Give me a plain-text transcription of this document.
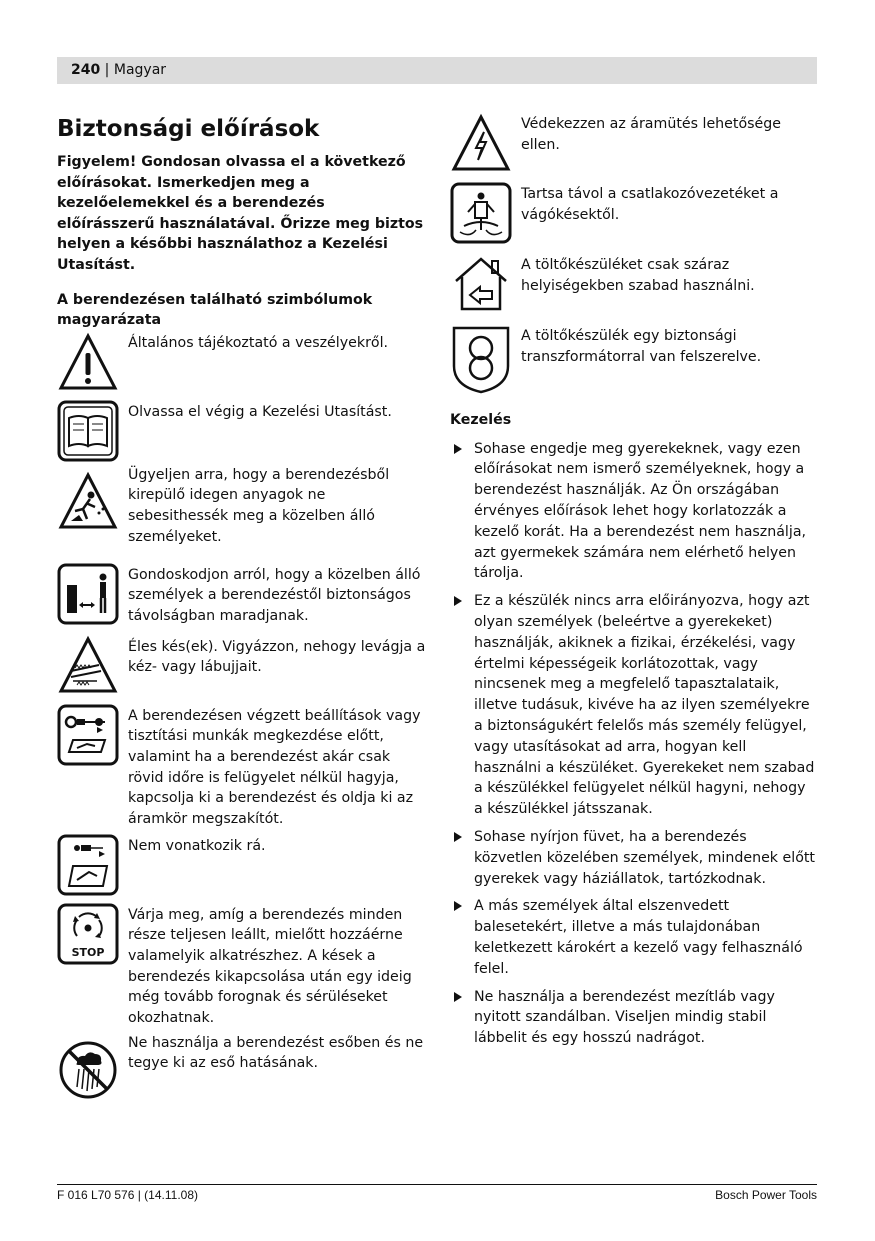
240 | Magyar
Biztonsági előírások
Figyelem! Gondosan olvassa el a következő előírásokat. Ismerkedjen meg a kezelőelemekkel és a berendezés előírásszerű használatával. Őrizze meg biztos helyen a későbbi használathoz a Kezelési Utasítást.
A berendezésen található szimbólumok magyarázata
Általános tájékoztató a veszélyekről.
Olvassa el végig a Kezelési Utasítást.
Ügyeljen arra, hogy a berendezésből kirepülő idegen anyagok ne sebesithessék meg a közelben álló személyeket.
Gondoskodjon arról, hogy a közelben álló személyek a berendezéstől biztonságos távolságban maradjanak.
Éles kés(ek). Vigyázzon, nehogy levágja a kéz- vagy lábujjait.
A berendezésen végzett beállítások vagy tisztítási munkák megkezdése előtt, valamint ha a berendezést akár csak rövid időre is felügyelet nélkül hagyja, kapcsolja ki a berendezést és oldja ki az áramkör megszakítót.
Nem vonatkozik rá.
STOP
Várja meg, amíg a berendezés minden része teljesen leállt, mielőtt hozzáérne valamelyik alkatrészhez. A kések a berendezés kikapcsolása után egy ideig még tovább forognak és sérüléseket okozhatnak.
Ne használja a berendezést esőben és ne tegye ki az eső hatásának.
Védekezzen az áramütés lehetősége ellen.
Tartsa távol a csatlakozóvezetéket a vágókésektől.
A töltőkészüléket csak száraz helyiségekben szabad használni.
A töltőkészülék egy biztonsági transzformátorral van felszerelve.
Kezelés
Sohase engedje meg gyerekeknek, vagy ezen előírásokat nem ismerő személyeknek, hogy a berendezést használják. Az Ön országában érvényes előírások lehet hogy korlatozzák a kezelő korát. Ha a berendezést nem használja, azt gyermekek számára nem elérhető helyen tárolja.
Ez a készülék nincs arra előirányozva, hogy azt olyan személyek (beleértve a gyerekeket) használják, akiknek a fizikai, érzékelési, vagy értelmi képességeik korlátozottak, vagy nincsenek meg a megfelelő tapasztalataik, illetve tudásuk, kivéve ha az ilyen személyekre a biztonságukért felelős más személy felügyel, vagy utasításokat ad arra, hogyan kell használni a készüléket. Gyerekeket nem szabad a készülékkel felügyelet nélkül hagyni, nehogy a készülékkel játsszanak.
Sohase nyírjon füvet, ha a berendezés közvetlen közelében személyek, mindenek előtt gyerekek vagy háziállatok, tartózkodnak.
A más személyek által elszenvedett balesetekért, illetve a más tulajdonában keletkezett károkért a kezelő vagy felhasználó felel.
Ne használja a berendezést mezítláb vagy nyitott szandálban. Viseljen mindig stabil lábbelit és egy hosszú nadrágot.
F 016 L70 576 | (14.11.08)	Bosch Power Tools
